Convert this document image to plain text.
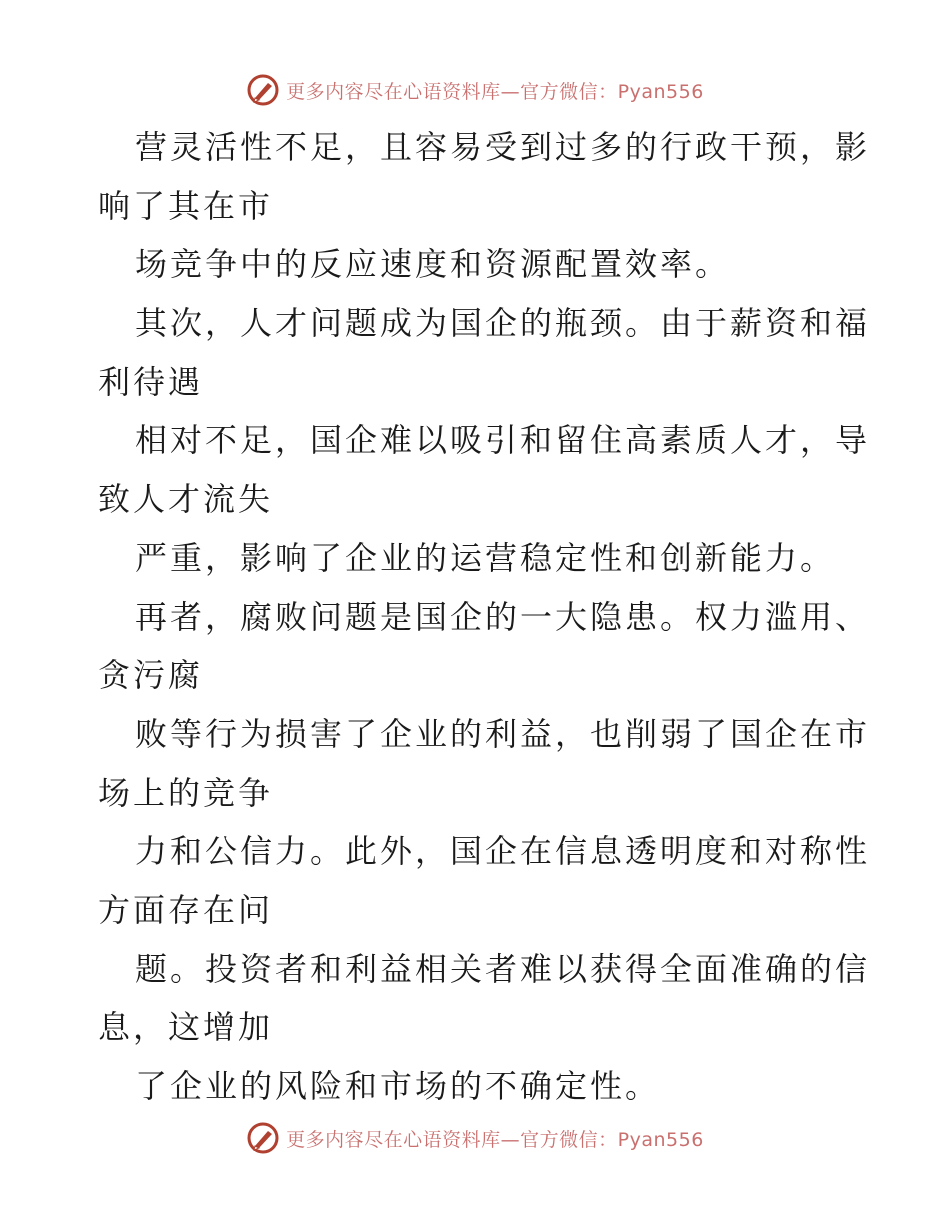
更多内容尽在心语资料库—官方微信：Pyan556
营灵活性不足，且容易受到过多的行政干预，影
响了其在市
场竞争中的反应速度和资源配置效率。
其次，人才问题成为国企的瓶颈。由于薪资和福
利待遇
相对不足，国企难以吸引和留住高素质人才，导
致人才流失
严重，影响了企业的运营稳定性和创新能力。
再者，腐败问题是国企的一大隐患。权力滥用、
贪污腐
败等行为损害了企业的利益，也削弱了国企在市
场上的竞争
力和公信力。此外，国企在信息透明度和对称性
方面存在问
题。投资者和利益相关者难以获得全面准确的信
息，这增加
了企业的风险和市场的不确定性。
更多内容尽在心语资料库—官方微信：Pyan556
